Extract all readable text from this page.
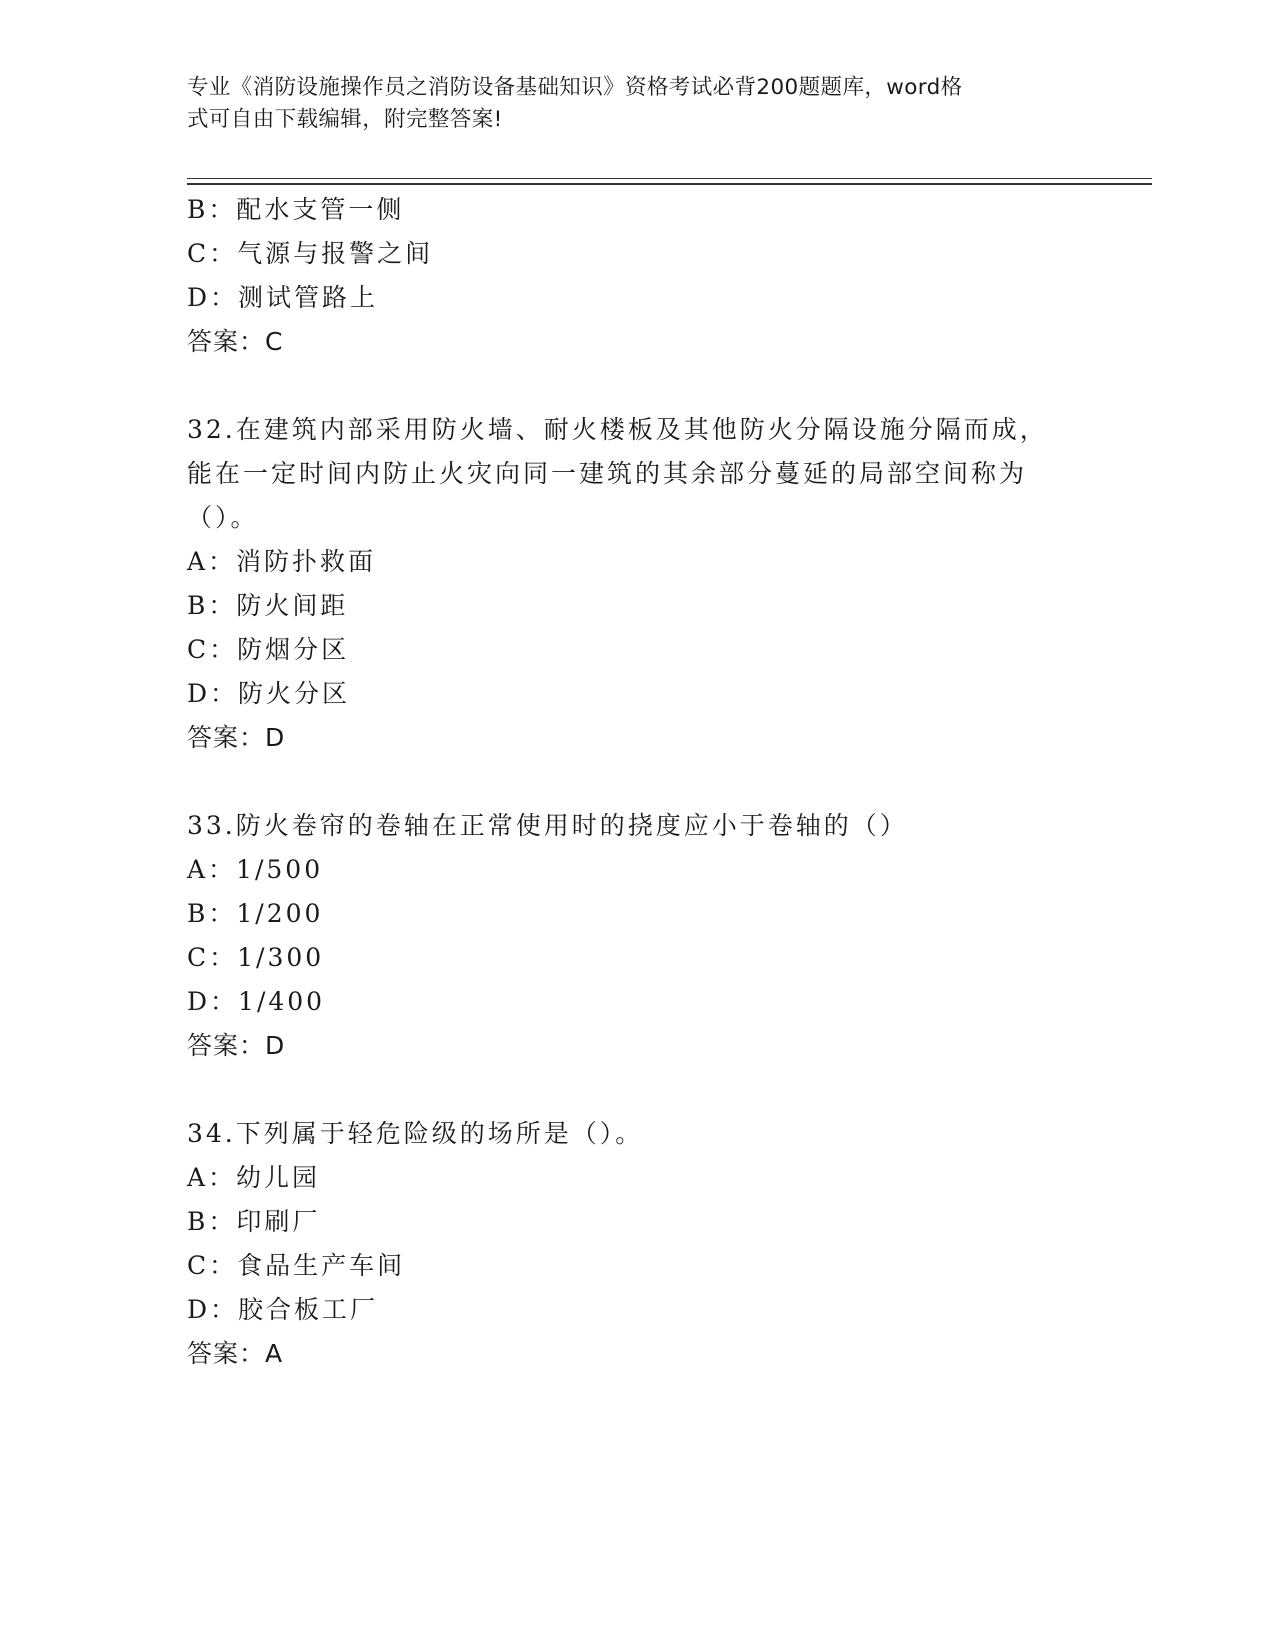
专业《消防设施操作员之消防设备基础知识》资格考试必背200题题库，word格
式可自由下载编辑，附完整答案!
B：配水支管一侧
C：气源与报警之间
D：测试管路上
答案：C
32.在建筑内部采用防火墙、耐火楼板及其他防火分隔设施分隔而成，
能在一定时间内防止火灾向同一建筑的其余部分蔓延的局部空间称为
（）。
A：消防扑救面
B：防火间距
C：防烟分区
D：防火分区
答案：D
33.防火卷帘的卷轴在正常使用时的挠度应小于卷轴的（）
A：1/500
B：1/200
C：1/300
D：1/400
答案：D
34.下列属于轻危险级的场所是（）。
A：幼儿园
B：印刷厂
C：食品生产车间
D：胶合板工厂
答案：A
